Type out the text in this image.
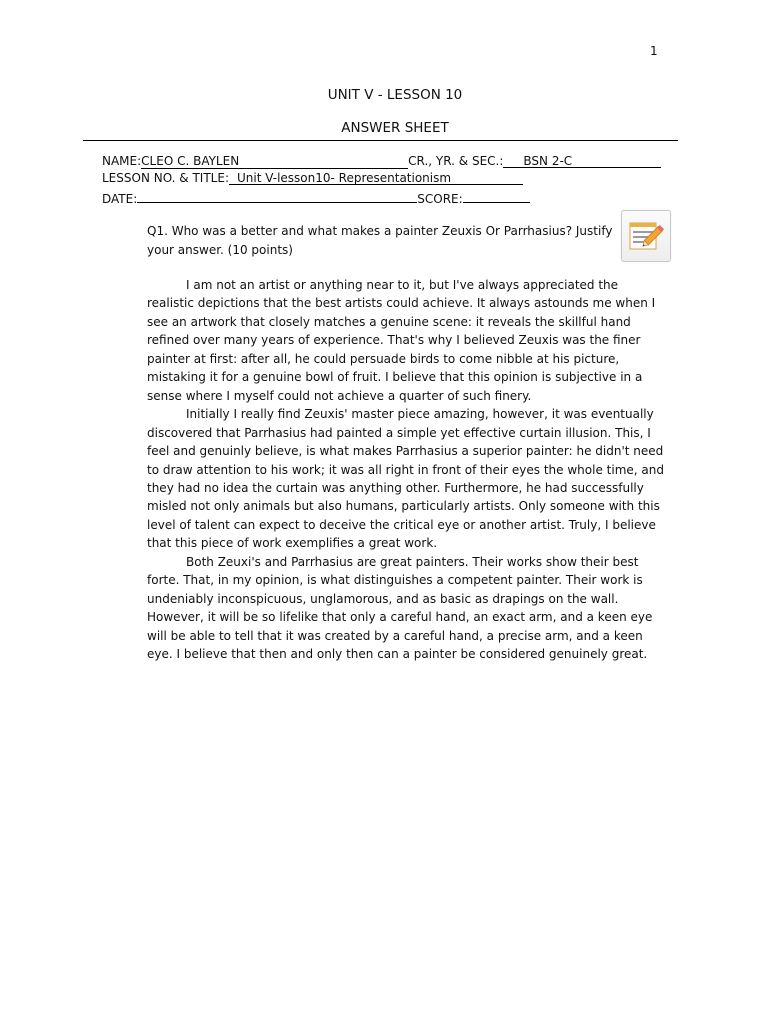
1
UNIT V - LESSON 10
ANSWER SHEET
NAME:CLEO C. BAYLEN	CR., YR. & SEC.: BSN 2-C
LESSON NO. & TITLE: Unit V-lesson10- Representationism
DATE:	SCORE:
Q1. Who was a better and what makes a painter Zeuxis Or Parrhasius? Justify your answer. (10 points)

I am not an artist or anything near to it, but I've always appreciated the realistic depictions that the best artists could achieve. It always astounds me when I see an artwork that closely matches a genuine scene: it reveals the skillful hand refined over many years of experience. That's why I believed Zeuxis was the finer painter at first: after all, he could persuade birds to come nibble at his picture, mistaking it for a genuine bowl of fruit. I believe that this opinion is subjective in a sense where I myself could not achieve a quarter of such finery.

Initially I really find Zeuxis' master piece amazing, however, it was eventually discovered that Parrhasius had painted a simple yet effective curtain illusion. This, I feel and genuinly believe, is what makes Parrhasius a superior painter: he didn't need to draw attention to his work; it was all right in front of their eyes the whole time, and they had no idea the curtain was anything other. Furthermore, he had successfully misled not only animals but also humans, particularly artists. Only someone with this level of talent can expect to deceive the critical eye or another artist. Truly, I believe that this piece of work exemplifies a great work.

Both Zeuxi's and Parrhasius are great painters. Their works show their best forte. That, in my opinion, is what distinguishes a competent painter. Their work is undeniably inconspicuous, unglamorous, and as basic as drapings on the wall. However, it will be so lifelike that only a careful hand, an exact arm, and a keen eye will be able to tell that it was created by a careful hand, a precise arm, and a keen eye. I believe that then and only then can a painter be considered genuinely great.
